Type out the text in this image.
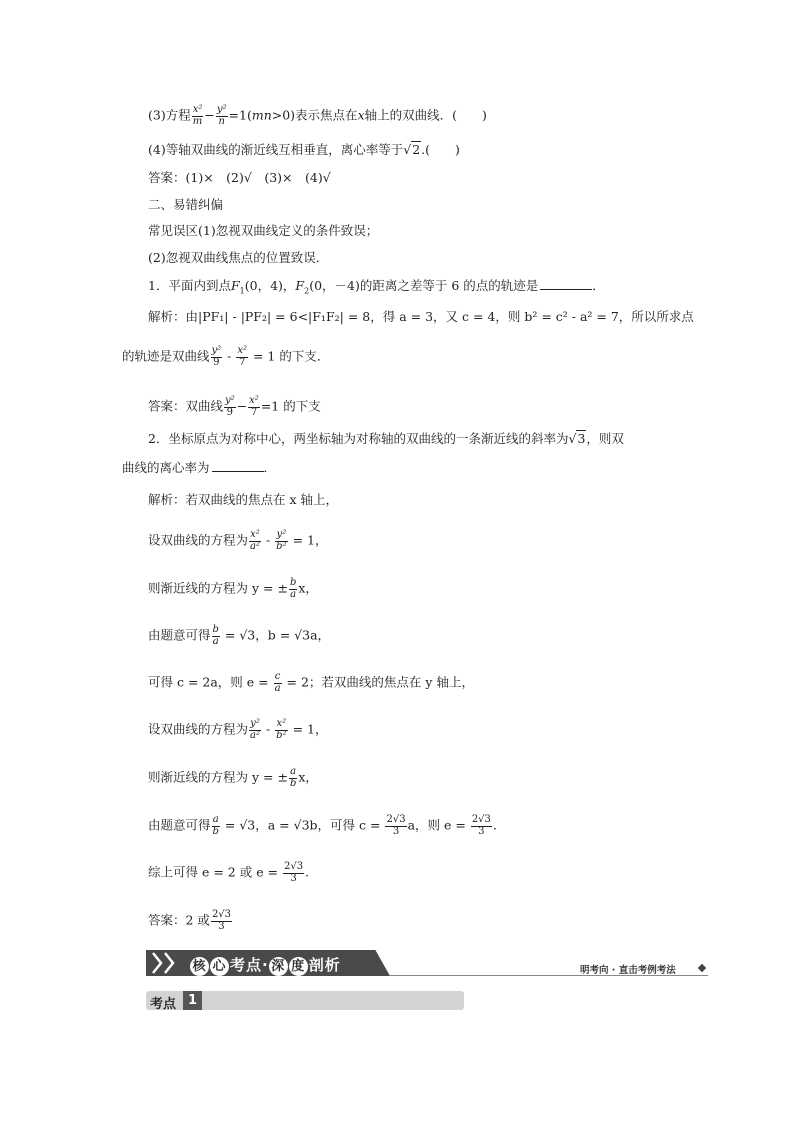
(3)方程 $\frac{\text{x²}}{m} - \frac{\text{y²}}{n} =1(mn>0)$表示焦点在x轴上的双曲线．(　　)
(4)等轴双曲线的渐近线互相垂直，离心率等于√2.(　　)
答案：(1)×　(2)√　(3)×　(4)√
二、易错纠偏
常见误区(1)忽视双曲线定义的条件致误；
(2)忽视双曲线焦点的位置致误．
1．平面内到点$F_1(0$，4)，$F_2(0$，－4)的距离之差等于 6 的点的轨迹是	．
解析：由|PF₁| - |PF₂| = 6<|F₁F₂| = 8，得 a = 3，又 c = 4，则 b² = c² - a² = 7，所以所求点
的轨迹是双曲线 $\frac{\text{y²}}{9} - \frac{\text{x²}}{7} = 1$ 的下支．
答案：双曲线 $\frac{\text{y²}}{9} - \frac{\text{x²}}{7} =1$ 的下支
2．坐标原点为对称中心，两坐标轴为对称轴的双曲线的一条渐近线的斜率为√3，则双
曲线的离心率为	．
解析：若双曲线的焦点在 x 轴上，
设双曲线的方程为 $\frac{\text{x²}}{\text{a²}} - \frac{\text{y²}}{\text{b²}} = 1$，
则渐近线的方程为 y = ± $\frac{b}{a}$ x，
由题意可得 $\frac{b}{a} = √3$，b = √3a，
可得 c = 2a，则 $e = \frac{c}{a} = 2$；若双曲线的焦点在 y 轴上，
设双曲线的方程为 $\frac{\text{y²}}{\text{a²}} - \frac{\text{x²}}{\text{b²}} = 1$，
则渐近线的方程为 y = ± $\frac{a}{b}$ x，
由题意可得 $\frac{a}{b} = √3$，a = √3b，可得 $c = \frac{2√3}{3}$ a，则 $e = \frac{2√3}{3}$ .
综上可得 e = 2 或 $e = \frac{2√3}{3}$ .
答案：2 或 $\frac{2√3}{3}$
核 心 考点· 深 度 剖析	明考向 · 直击考例考法
考点 1
